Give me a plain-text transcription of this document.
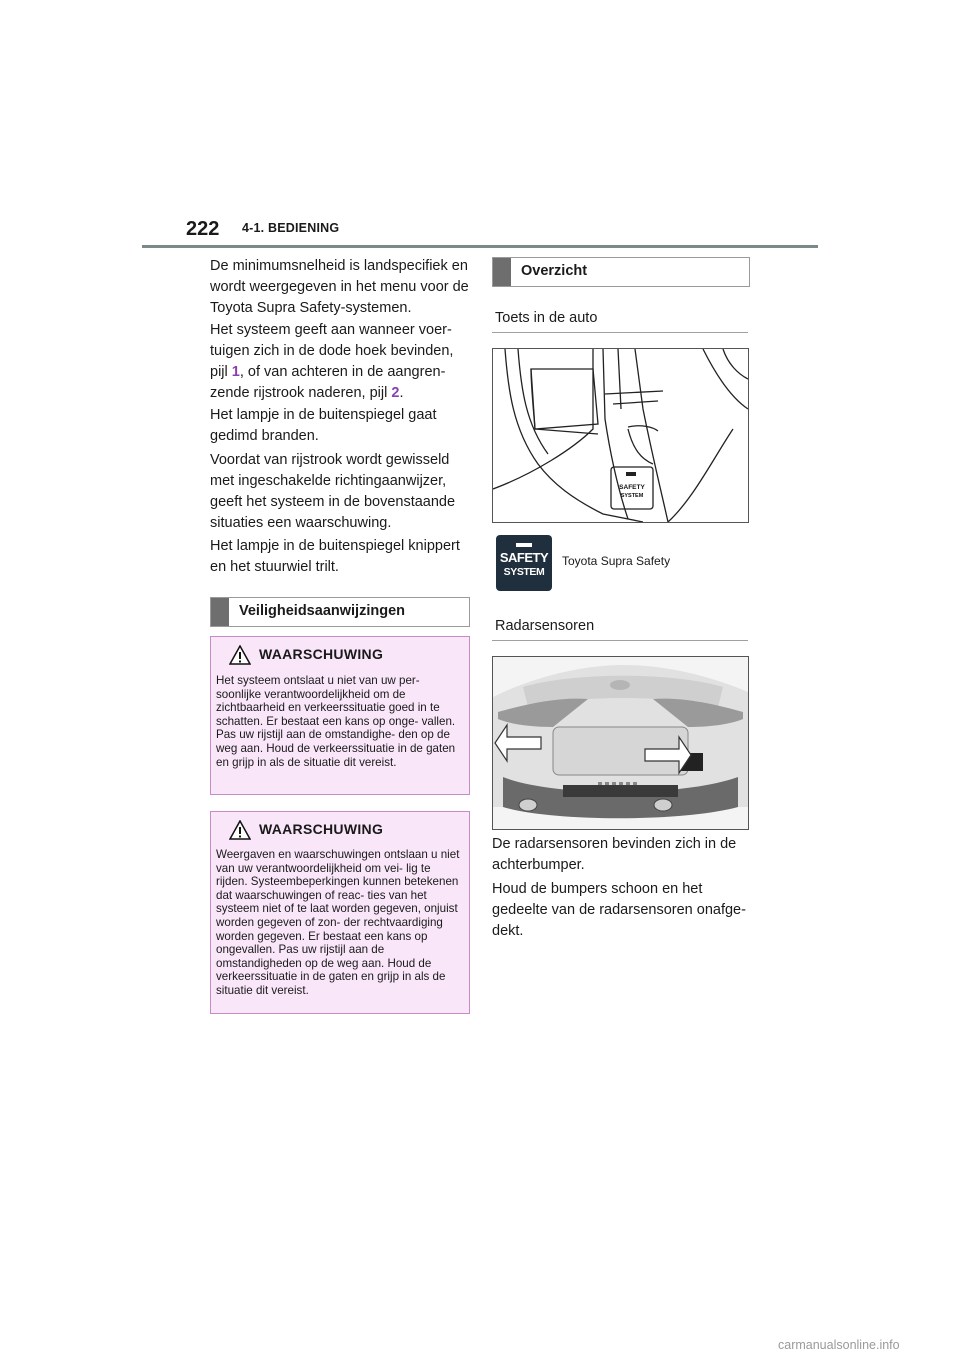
222 4-1. BEDIENING
De minimumsnelheid is landspecifiek en wordt weergegeven in het menu voor de Toyota Supra Safety-systemen.
Het systeem geeft aan wanneer voer-
tuigen zich in de dode hoek bevinden,
pijl 1, of van achteren in de aangren-
zende rijstrook naderen, pijl 2.
Het lampje in de buitenspiegel gaat gedimd branden.
Voordat van rijstrook wordt gewisseld met ingeschakelde richtingaanwijzer, geeft het systeem in de bovenstaande situaties een waarschuwing.
Het lampje in de buitenspiegel knippert en het stuurwiel trilt.
Veiligheidsaanwijzingen
WAARSCHUWING
Het systeem ontslaat u niet van uw per- soonlijke verantwoordelijkheid om de zichtbaarheid en verkeerssituatie goed in te schatten. Er bestaat een kans op onge- vallen. Pas uw rijstijl aan de omstandighe- den op de weg aan. Houd de verkeerssituatie in de gaten en grijp in als de situatie dit vereist.
WAARSCHUWING
Weergaven en waarschuwingen ontslaan u niet van uw verantwoordelijkheid om vei- lig te rijden. Systeembeperkingen kunnen betekenen dat waarschuwingen of reac- ties van het systeem niet of te laat worden gegeven, onjuist worden gegeven of zon- der rechtvaardiging worden gegeven. Er bestaat een kans op ongevallen. Pas uw rijstijl aan de omstandigheden op de weg aan. Houd de verkeerssituatie in de gaten en grijp in als de situatie dit vereist.
Overzicht
Toets in de auto
SAFETY
SYSTEM
SAFETY
SYSTEM
Toyota Supra Safety
Radarsensoren
De radarsensoren bevinden zich in de achterbumper.
Houd de bumpers schoon en het gedeelte van de radarsensoren onafge- dekt.
carmanualsonline.info
